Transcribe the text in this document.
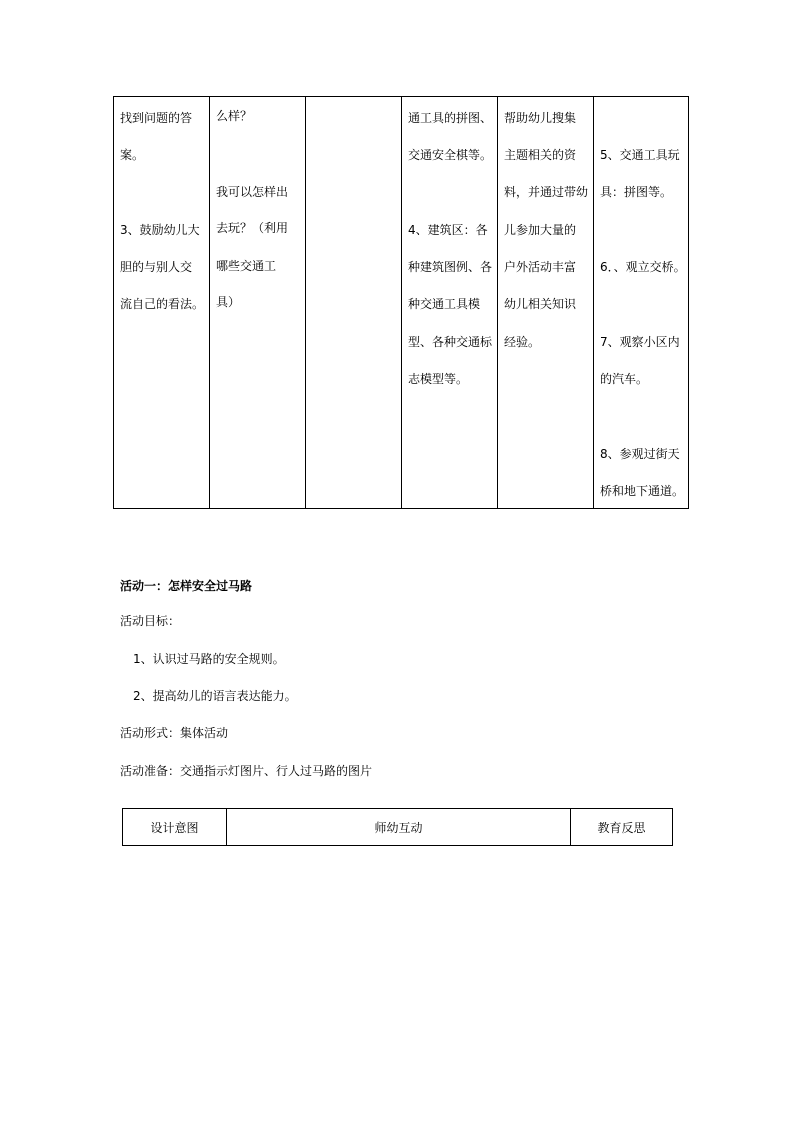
找到问题的答
案。
3、鼓励幼儿大
胆的与别人交
流自己的看法。
么样？
我可以怎样出
去玩？（利用
哪些交通工
具）
通工具的拼图、
交通安全棋等。
4、建筑区：各
种建筑图例、各
种交通工具模
型、各种交通标
志模型等。
帮助幼儿搜集
主题相关的资
料，并通过带幼
儿参加大量的
户外活动丰富
幼儿相关知识
经验。
5、交通工具玩
具：拼图等。
6．、观立交桥。
7、观察小区内
的汽车。
8、参观过街天
桥和地下通道。
活动一：怎样安全过马路
活动目标：
1、认识过马路的安全规则。
2、提高幼儿的语言表达能力。
活动形式：集体活动
活动准备：交通指示灯图片、行人过马路的图片
设计意图	师幼互动	教育反思
